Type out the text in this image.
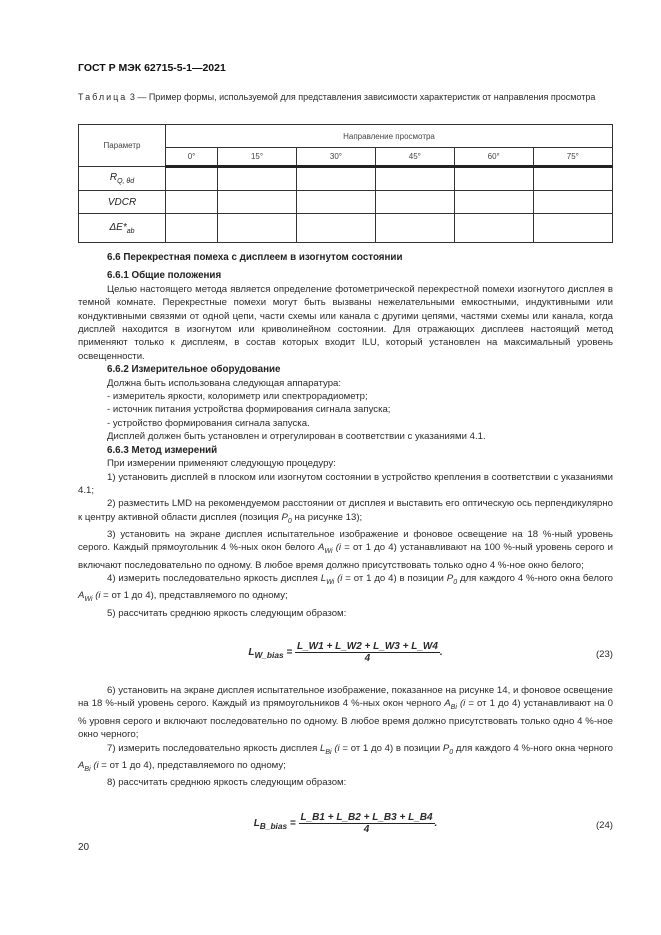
ГОСТ Р МЭК 62715-5-1—2021
Таблица 3 — Пример формы, используемой для представления зависимости характеристик от направления просмотра
Параметр	Направление просмотра					
	0°	15°	30°	45°	60°	75°
$R_{Q, \theta d}$						
VDCR						
$\Delta E*_{ab}$						
6.6 Перекрестная помеха с дисплеем в изогнутом состоянии
6.6.1 Общие положения

Целью настоящего метода является определение фотометрической перекрестной помехи изогнутого дисплея в темной комнате. Перекрестные помехи могут быть вызваны нежелательными емкостными, индуктивными или кондуктивными связями от одной цепи, части схемы или канала с другими цепями, частями схемы или канала, когда дисплей находится в изогнутом или криволинейном состоянии. Для отражающих дисплеев настоящий метод применяют только к дисплеям, в состав которых входит ILU, который установлен на максимальный уровень освещенности.

6.6.2 Измерительное оборудование

Должна быть использована следующая аппаратура:

- измеритель яркости, колориметр или спектрорадиометр;

- источник питания устройства формирования сигнала запуска;

- устройство формирования сигнала запуска.

Дисплей должен быть установлен и отрегулирован в соответствии с указаниями 4.1.

6.6.3 Метод измерений

При измерении применяют следующую процедуру:

1) установить дисплей в плоском или изогнутом состоянии в устройство крепления в соответствии с указаниями 4.1;

2) разместить LMD на рекомендуемом расстоянии от дисплея и выставить его оптическую ось перпендикулярно к центру активной области дисплея (позиция $P_0$ на рисунке 13);

3) установить на экране дисплея испытательное изображение и фоновое освещение на 18 %-ный уровень серого. Каждый прямоугольник 4 %-ных окон белого $A_{Wi}$ (i = от 1 до 4) устанавливают на 100 %-ный уровень серого и включают последовательно по одному. В любое время должно присутствовать только одно 4 %-ное окно белого;

4) измерить последовательно яркость дисплея $L_{Wi}$ (i = от 1 до 4) в позиции $P_0$ для каждого 4 %-ного окна белого $A_{Wi}$ (i = от 1 до 4), представляемого по одному;

5) рассчитать среднюю яркость следующим образом:

$L_{W\_bias} = \frac{L\_W1 + L\_W2 + L\_W3 + L\_W4}{4}$ .	(23)

6) установить на экране дисплея испытательное изображение, показанное на рисунке 14, и фоновое освещение на 18 %-ный уровень серого. Каждый из прямоугольников 4 %-ных окон черного $A_{Bi}$ (i = от 1 до 4) устанавливают на 0 % уровня серого и включают последовательно по одному. В любое время должно присутствовать только одно 4 %-ное окно черного;

7) измерить последовательно яркость дисплея $L_{Bi}$ (i = от 1 до 4) в позиции $P_0$ для каждого 4 %-ного окна черного $A_{Bi}$ (i = от 1 до 4), представляемого по одному;

8) рассчитать среднюю яркость следующим образом:

$L_{B\_bias} = \frac{L\_B1 + L\_B2 + L\_B3 + L\_B4}{4}$ .	(24)
20
